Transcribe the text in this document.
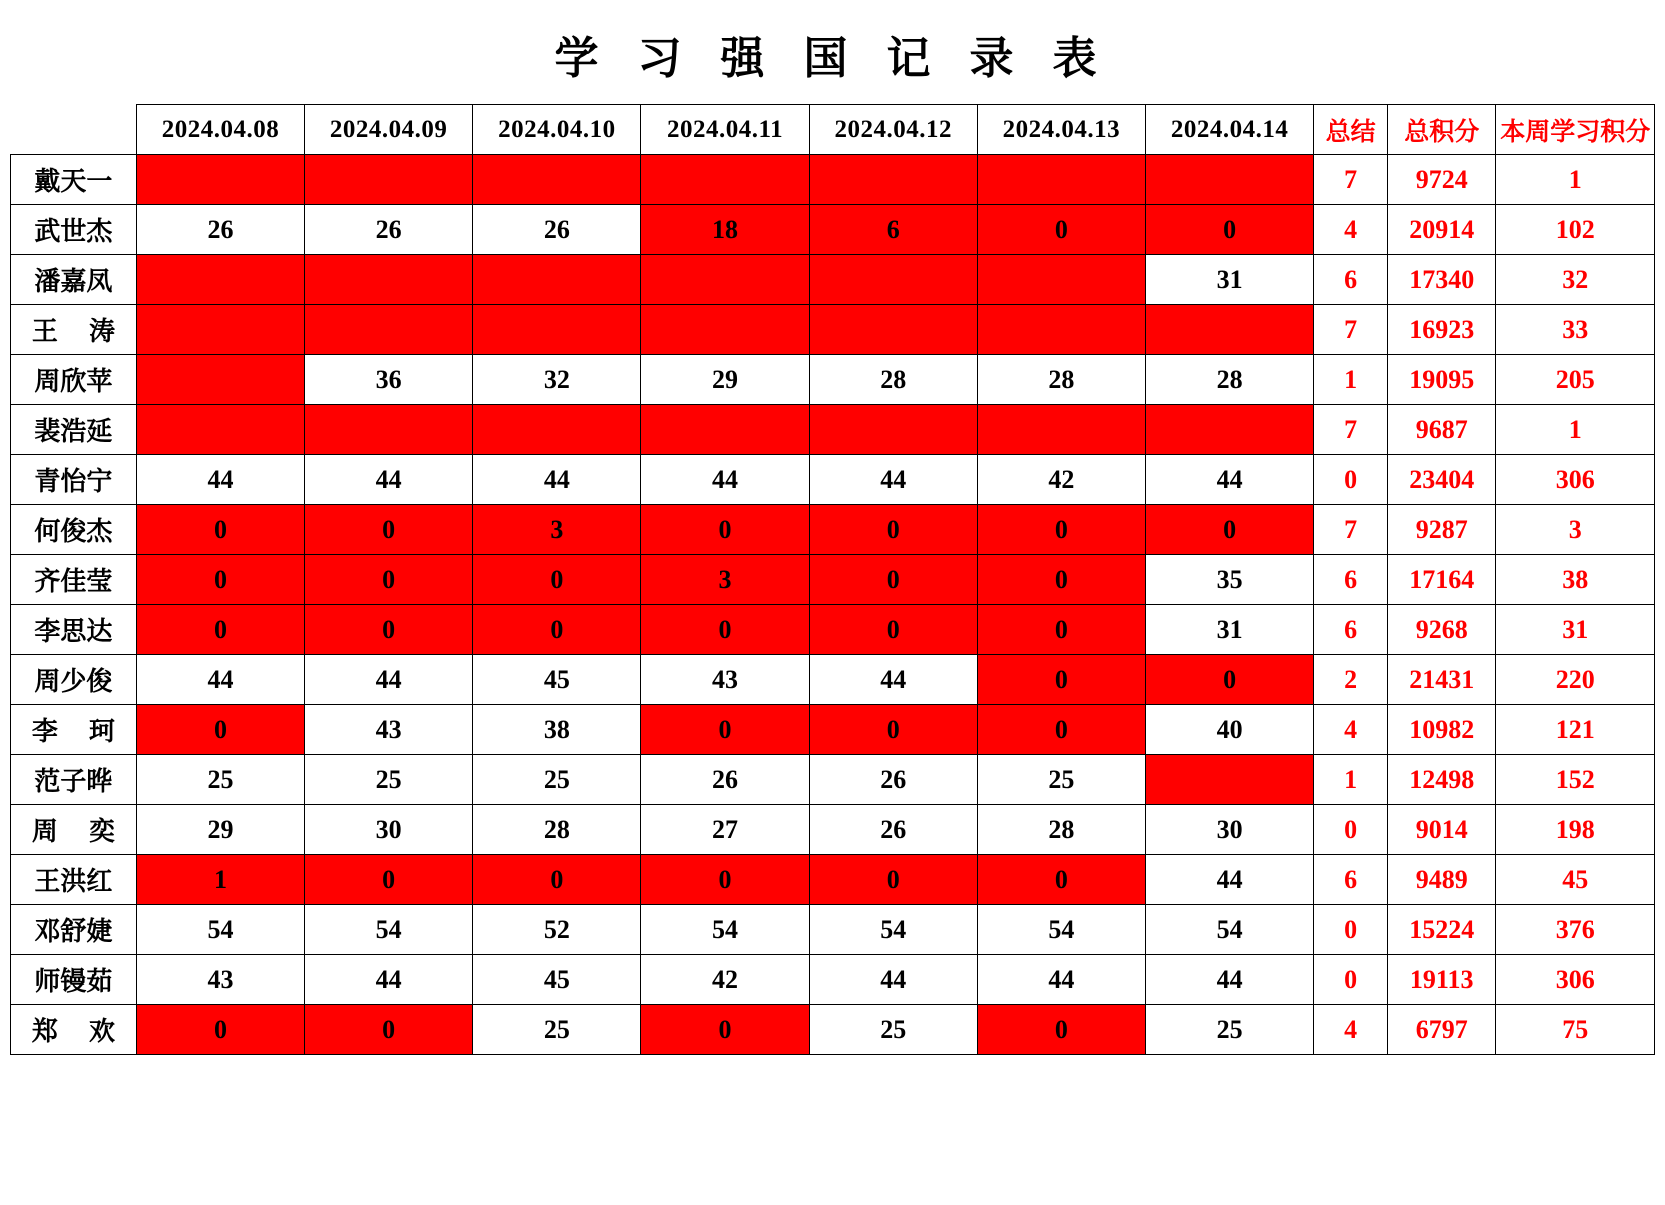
学 习 强 国 记 录 表
	2024.04.08	2024.04.09	2024.04.10	2024.04.11	2024.04.12	2024.04.13	2024.04.14	总结	总积分	本周学习积分
戴天一	1	0	0	0	0	0	0	7	9724	1
武世杰	26	26	26	18	6	0	0	4	20914	102
潘嘉凤	0	0	0	0	0	1	31	6	17340	32
王 涛	0	0	0	0	0	18	15	7	16923	33
周欣苹	24	36	32	29	28	28	28	1	19095	205
裴浩延	0	0	0	1	0	0	0	7	9687	1
青怡宁	44	44	44	44	44	42	44	0	23404	306
何俊杰	0	0	3	0	0	0	0	7	9287	3
齐佳莹	0	0	0	3	0	0	35	6	17164	38
李思达	0	0	0	0	0	0	31	6	9268	31
周少俊	44	44	45	43	44	0	0	2	21431	220
李 珂	0	43	38	0	0	0	40	4	10982	121
范子晔	25	25	25	26	26	25	0	1	12498	152
周 奕	29	30	28	27	26	28	30	0	9014	198
王洪红	1	0	0	0	0	0	44	6	9489	45
邓舒婕	54	54	52	54	54	54	54	0	15224	376
师镘茹	43	44	45	42	44	44	44	0	19113	306
郑 欢	0	0	25	0	25	0	25	4	6797	75
